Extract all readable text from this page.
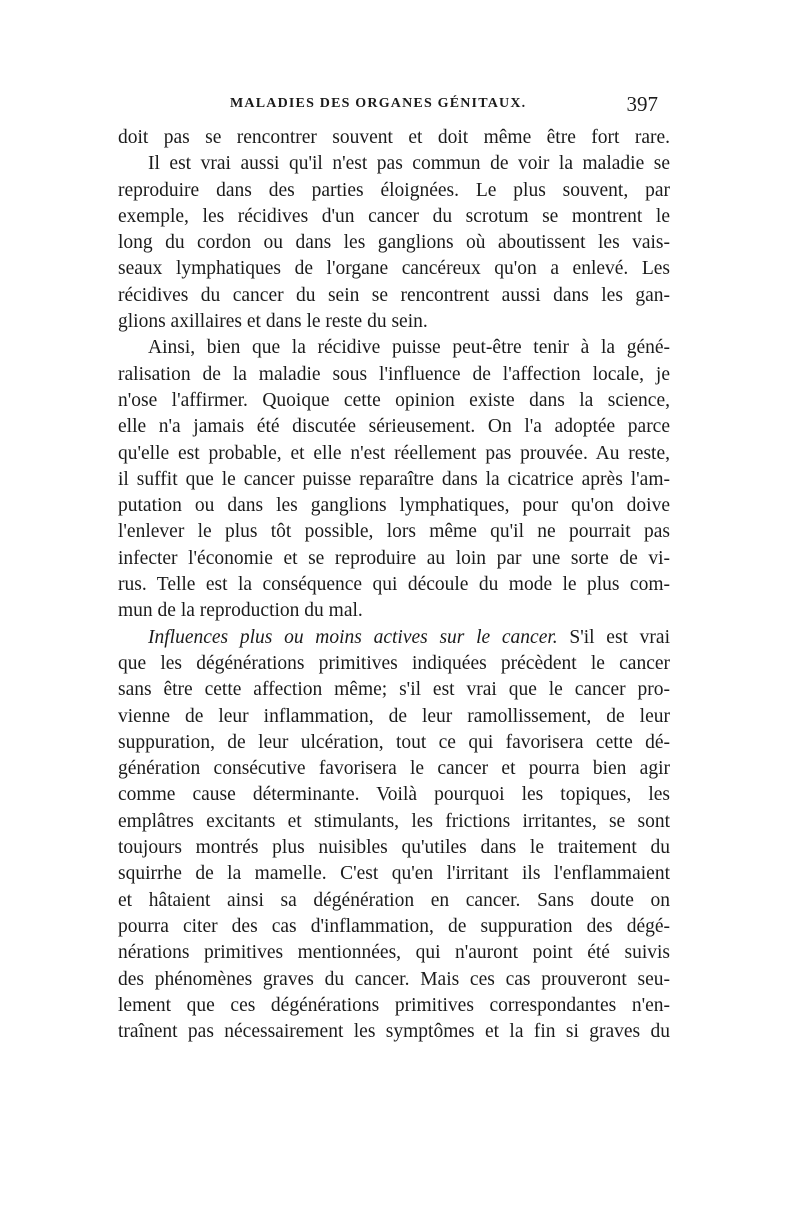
MALADIES DES ORGANES GÉNITAUX.	397
doit pas se rencontrer souvent et doit même être fort rare.
Il est vrai aussi qu'il n'est pas commun de voir la maladie se
reproduire dans des parties éloignées. Le plus souvent, par
exemple, les récidives d'un cancer du scrotum se montrent le
long du cordon ou dans les ganglions où aboutissent les vais-
seaux lymphatiques de l'organe cancéreux qu'on a enlevé. Les
récidives du cancer du sein se rencontrent aussi dans les gan-
glions axillaires et dans le reste du sein.
Ainsi, bien que la récidive puisse peut-être tenir à la géné-
ralisation de la maladie sous l'influence de l'affection locale, je
n'ose l'affirmer. Quoique cette opinion existe dans la science,
elle n'a jamais été discutée sérieusement. On l'a adoptée parce
qu'elle est probable, et elle n'est réellement pas prouvée. Au reste,
il suffit que le cancer puisse reparaître dans la cicatrice après l'am-
putation ou dans les ganglions lymphatiques, pour qu'on doive
l'enlever le plus tôt possible, lors même qu'il ne pourrait pas
infecter l'économie et se reproduire au loin par une sorte de vi-
rus. Telle est la conséquence qui découle du mode le plus com-
mun de la reproduction du mal.
Influences plus ou moins actives sur le cancer. S'il est vrai
que les dégénérations primitives indiquées précèdent le cancer
sans être cette affection même; s'il est vrai que le cancer pro-
vienne de leur inflammation, de leur ramollissement, de leur
suppuration, de leur ulcération, tout ce qui favorisera cette dé-
génération consécutive favorisera le cancer et pourra bien agir
comme cause déterminante. Voilà pourquoi les topiques, les
emplâtres excitants et stimulants, les frictions irritantes, se sont
toujours montrés plus nuisibles qu'utiles dans le traitement du
squirrhe de la mamelle. C'est qu'en l'irritant ils l'enflammaient
et hâtaient ainsi sa dégénération en cancer. Sans doute on
pourra citer des cas d'inflammation, de suppuration des dégé-
nérations primitives mentionnées, qui n'auront point été suivis
des phénomènes graves du cancer. Mais ces cas prouveront seu-
lement que ces dégénérations primitives correspondantes n'en-
traînent pas nécessairement les symptômes et la fin si graves du
